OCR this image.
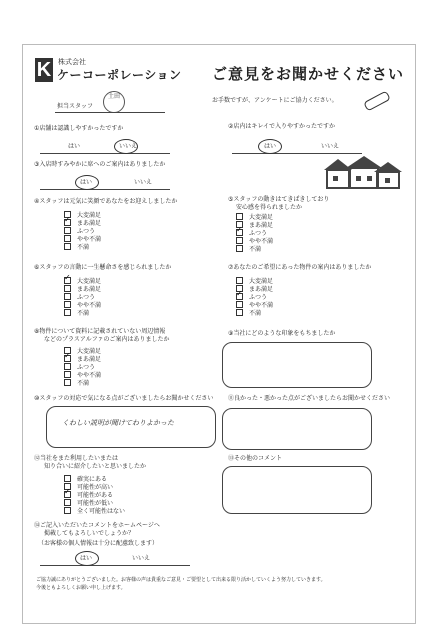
K 株式会社
ケーコーポレーション ご意見をお聞かせください
担当スタッフ
土田
お手数ですが、アンケートにご協力ください。
①店舗は認識しやすかったですか
はい	いいえ
②店内はキレイで入りやすかったですか
はい	いいえ
③入店時すみやかに席へのご案内はありましたか
はい	いいえ
④スタッフは元気に笑顔であなたをお迎えしましたか
大変満足
✓まあ満足
ふつう
やや不満
不満
⑤スタッフの動きはてきぱきしており
安心感を得られましたか
大変満足
まあ満足
✓ふつう
やや不満
不満
⑥スタッフの言動に一生懸命さを感じられましたか
✓大変満足
まあ満足
ふつう
やや不満
不満
⑦あなたのご希望にあった物件の案内はありましたか
大変満足
まあ満足
✓ふつう
やや不満
不満
⑧物件について資料に記載されていない周辺情報
などのプラスアルファのご案内はありましたか
大変満足
✓まあ満足
ふつう
やや不満
不満
⑨当社にどのような印象をもちましたか
⑩スタッフの対応で気になる点がございましたらお聞かせください
くわしい説明が聞けてわりよかった
⑪良かった・悪かった点がございましたらお聞かせください
⑫当社をまた利用したいまたは
知り合いに紹介したいと思いましたか
確実にある
可能性が高い
✓可能性がある
可能性が低い
全く可能性はない
⑬その他のコメント
⑭ご記入いただいたコメントをホームページへ
掲載してもよろしいでしょうか？
（お客様の個人情報は十分に配慮致します）
はい	いいえ
ご協力誠にありがとうございました。お客様の声は貴重なご意見・ご要望として出来る限り活かしていくよう努力していきます。
今後ともよろしくお願い申し上げます。
